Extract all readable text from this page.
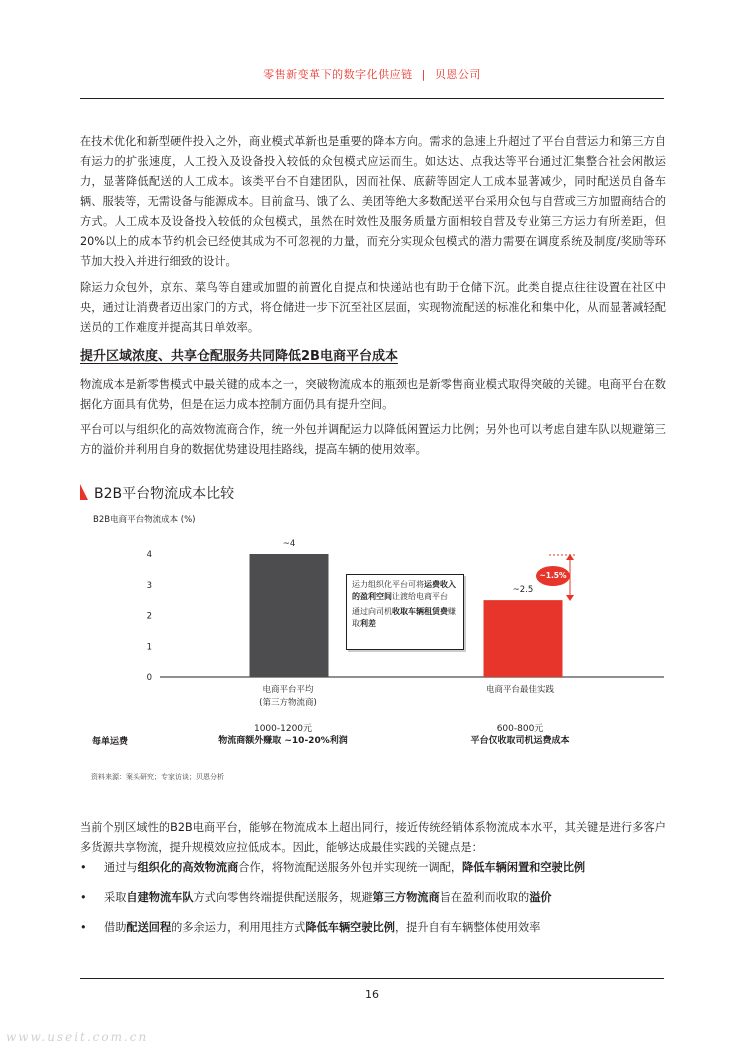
零售新变革下的数字化供应链 | 贝恩公司

在技术优化和新型硬件投入之外，商业模式革新也是重要的降本方向。需求的急速上升超过了平台自营运力和第三方自有运力的扩张速度，人工投入及设备投入较低的众包模式应运而生。如达达、点我达等平台通过汇集整合社会闲散运力，显著降低配送的人工成本。该类平台不自建团队，因而社保、底薪等固定人工成本显著减少，同时配送员自备车辆、服装等，无需设备与能源成本。目前盒马、饿了么、美团等绝大多数配送平台采用众包与自营或三方加盟商结合的方式。人工成本及设备投入较低的众包模式，虽然在时效性及服务质量方面相较自营及专业第三方运力有所差距，但20%以上的成本节约机会已经使其成为不可忽视的力量，而充分实现众包模式的潜力需要在调度系统及制度/奖励等环节加大投入并进行细致的设计。

除运力众包外，京东、菜鸟等自建或加盟的前置化自提点和快递站也有助于仓储下沉。此类自提点往往设置在社区中央，通过让消费者迈出家门的方式，将仓储进一步下沉至社区层面，实现物流配送的标准化和集中化，从而显著减轻配送员的工作难度并提高其日单效率。

提升区域浓度、共享仓配服务共同降低2B电商平台成本

物流成本是新零售模式中最关键的成本之一，突破物流成本的瓶颈也是新零售商业模式取得突破的关键。电商平台在数据化方面具有优势，但是在运力成本控制方面仍具有提升空间。

平台可以与组织化的高效物流商合作，统一外包并调配运力以降低闲置运力比例；另外也可以考虑自建车队以规避第三方的溢价并利用自身的数据优势建设甩挂路线，提高车辆的使用效率。

B2B平台物流成本比较
B2B电商平台物流成本 (%)
0
1
2
3
4
~4
~2.5
~1.5%

运力组织化平台可将运费收入的盈利空间让渡给电商平台

通过向司机收取车辆租赁费赚取利差

电商平台平均
(第三方物流商)
电商平台最佳实践
每单运费
1000-1200元
物流商额外赚取 ~10-20%利润
600-800元
平台仅收取司机运费成本
资料来源：案头研究；专家访谈；贝恩分析

当前个别区域性的B2B电商平台，能够在物流成本上超出同行，接近传统经销体系物流成本水平，其关键是进行多客户多货源共享物流，提升规模效应拉低成本。因此，能够达成最佳实践的关键点是：

• 通过与组织化的高效物流商合作，将物流配送服务外包并实现统一调配，降低车辆闲置和空驶比例
• 采取自建物流车队方式向零售终端提供配送服务，规避第三方物流商旨在盈利而收取的溢价
• 借助配送回程的多余运力，利用甩挂方式降低车辆空驶比例，提升自有车辆整体使用效率
16
www.useit.com.cn
